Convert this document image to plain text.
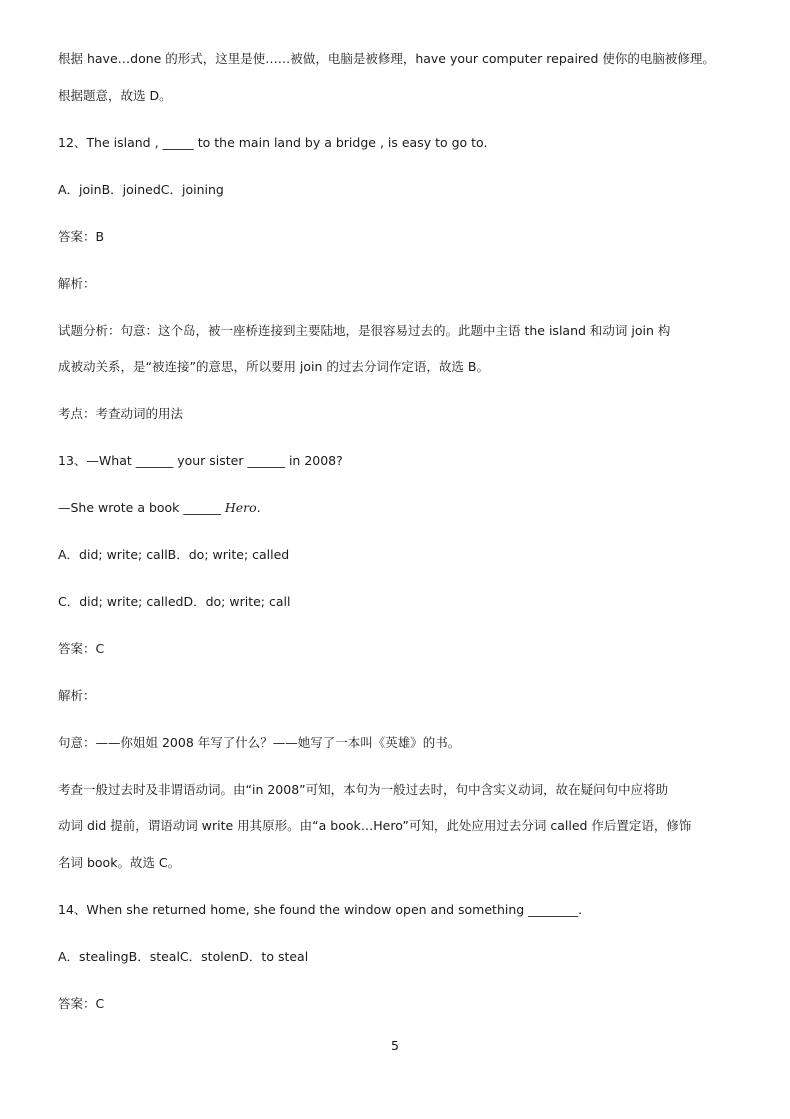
根据 have…done 的形式，这里是使……被做，电脑是被修理，have your computer repaired 使你的电脑被修理。
根据题意，故选 D。
12、The island , _____ to the main land by a bridge , is easy to go to.
A．joinB．joinedC．joining
答案：B
解析：
试题分析：句意：这个岛，被一座桥连接到主要陆地，是很容易过去的。此题中主语 the island 和动词 join 构
成被动关系，是“被连接”的意思，所以要用 join 的过去分词作定语，故选 B。
考点：考查动词的用法
13、—What ______ your sister ______ in 2008?
—She wrote a book ______ Hero.
A．did; write; callB．do; write; called
C．did; write; calledD．do; write; call
答案：C
解析：
句意：——你姐姐 2008 年写了什么？——她写了一本叫《英雄》的书。
考查一般过去时及非谓语动词。由“in 2008”可知，本句为一般过去时，句中含实义动词，故在疑问句中应将助
动词 did 提前，谓语动词 write 用其原形。由“a book…Hero”可知，此处应用过去分词 called 作后置定语，修饰
名词 book。故选 C。
14、When she returned home, she found the window open and something ________.
A．stealingB．stealC．stolenD．to steal
答案：C
5
